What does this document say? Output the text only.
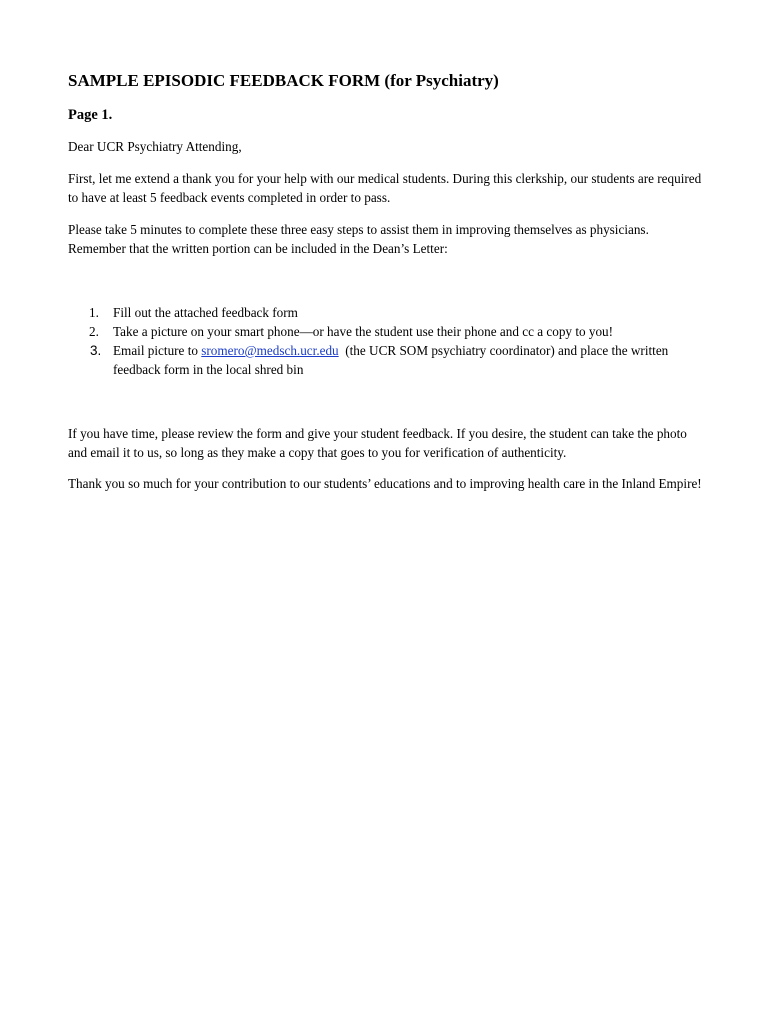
SAMPLE EPISODIC FEEDBACK FORM (for Psychiatry)
Page 1.

Dear UCR Psychiatry Attending,

First, let me extend a thank you for your help with our medical students. During this clerkship, our students are required to have at least 5 feedback events completed in order to pass.

Please take 5 minutes to complete these three easy steps to assist them in improving themselves as physicians. Remember that the written portion can be included in the Dean’s Letter:

1. Fill out the attached feedback form
2. Take a picture on your smart phone—or have the student use their phone and cc a copy to you!
3. Email picture to sromero@medsch.ucr.edu  (the UCR SOM psychiatry coordinator) and place the written feedback form in the local shred bin

If you have time, please review the form and give your student feedback. If you desire, the student can take the photo and email it to us, so long as they make a copy that goes to you for verification of authenticity.

Thank you so much for your contribution to our students’ educations and to improving health care in the Inland Empire!
